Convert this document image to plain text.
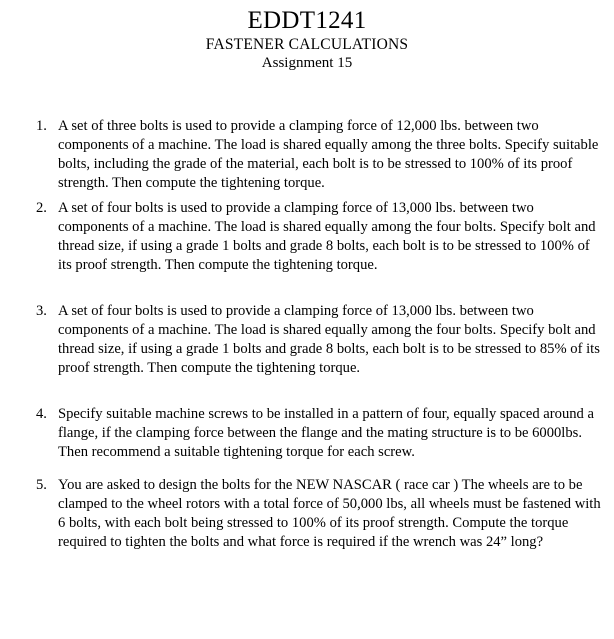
EDDT1241
FASTENER CALCULATIONS
Assignment 15
1. A set of three bolts is used to provide a clamping force of 12,000 lbs. between two components of a machine. The load is shared equally among the three bolts. Specify suitable bolts, including the grade of the material, each bolt is to be stressed to 100% of its proof strength. Then compute the tightening torque.
2. A set of four bolts is used to provide a clamping force of 13,000 lbs. between two components of a machine. The load is shared equally among the four bolts. Specify bolt and thread size, if using a grade 1 bolts and grade 8 bolts, each bolt is to be stressed to 100% of its proof strength. Then compute the tightening torque.
3. A set of four bolts is used to provide a clamping force of 13,000 lbs. between two components of a machine. The load is shared equally among the four bolts. Specify bolt and thread size, if using a grade 1 bolts and grade 8 bolts, each bolt is to be stressed to 85% of its proof strength. Then compute the tightening torque.
4. Specify suitable machine screws to be installed in a pattern of four, equally spaced around a flange, if the clamping force between the flange and the mating structure is to be 6000lbs. Then recommend a suitable tightening torque for each screw.
5. You are asked to design the bolts for the NEW NASCAR ( race car ) The wheels are to be clamped to the wheel rotors with a total force of 50,000 lbs, all wheels must be fastened with 6 bolts, with each bolt being stressed to 100% of its proof strength. Compute the torque required to tighten the bolts and what force is required if the wrench was 24” long?
